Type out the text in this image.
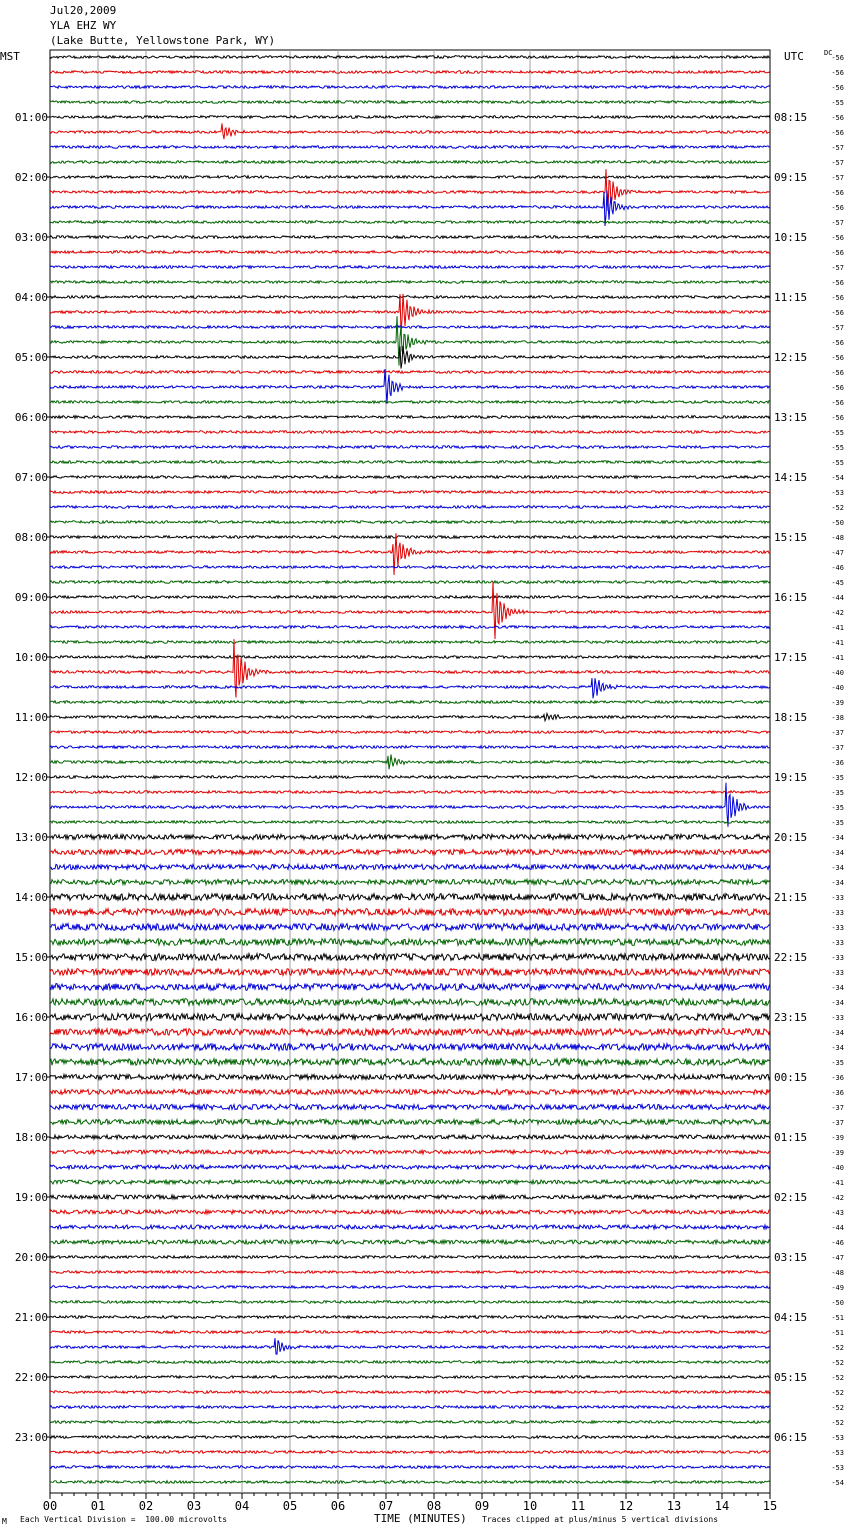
Jul20,2009
YLA EHZ WY
(Lake Butte, Yellowstone Park, WY)
MST	UTC	DC
00	01	02	03	04	05	06	07	08	09	10	11	12	13	14	15
-56
-56
-56
-55
-56
-56
-57
-57
-57
-56
-56
-57
-56
-56
-57
-56
-56
-56
-57
-56
-56
-56
-56
-56
-56
-55
-55
-55
-54
-53
-52
-50
-48
-47
-46
-45
-44
-42
-41
-41
-41
-40
-40
-39
-38
-37
-37
-36
-35
-35
-35
-35
-34
-34
-34
-34
-33
-33
-33
-33
-33
-33
-34
-34
-33
-34
-34
-35
-36
-36
-37
-37
-39
-39
-40
-41
-42
-43
-44
-46
-47
-48
-49
-50
-51
-51
-52
-52
-52
-52
-52
-52
-53
-53
-53
-54
01:00
02:00
03:00
04:00
05:00
06:00
07:00
08:00
09:00
10:00
11:00
12:00
13:00
14:00
15:00
16:00
17:00
18:00
19:00
20:00
21:00
22:00
23:00
08:15
09:15
10:15
11:15
12:15
13:15
14:15
15:15
16:15
17:15
18:15
19:15
20:15
21:15
22:15
23:15
00:15
01:15
02:15
03:15
04:15
05:15
06:15
M Each Vertical Division =  100.00 microvolts	TIME (MINUTES) Traces clipped at plus/minus 5 vertical divisions
